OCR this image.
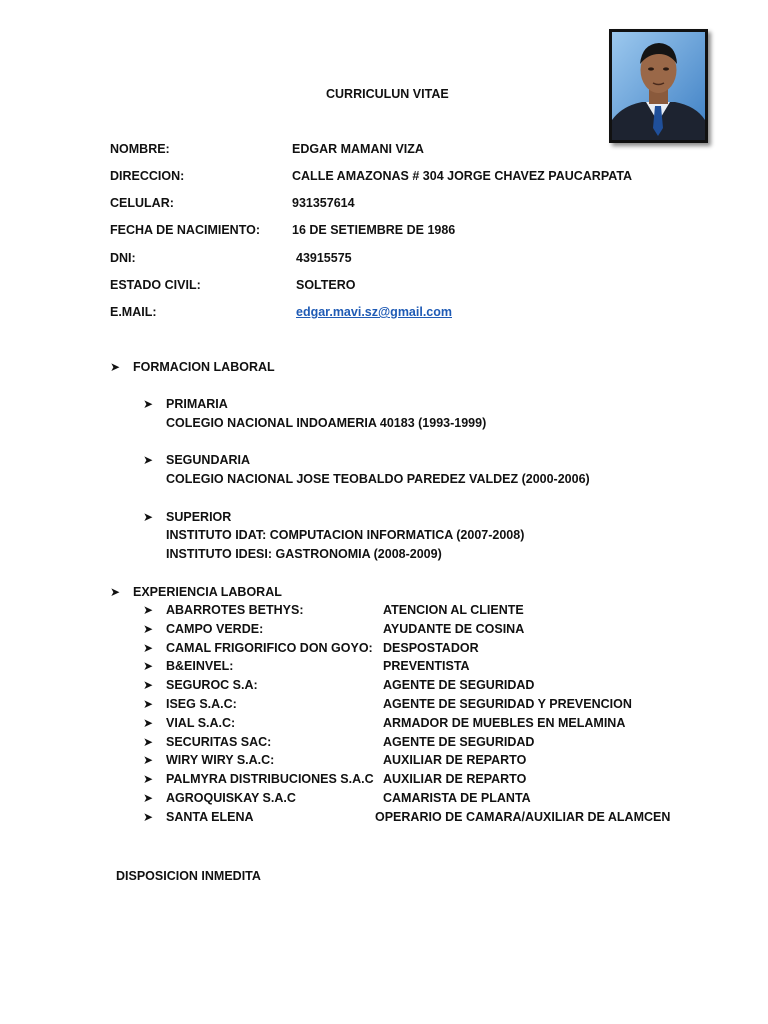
CURRICULUN VITAE
NOMBRE:	EDGAR MAMANI VIZA
DIRECCION:	CALLE AMAZONAS # 304 JORGE CHAVEZ PAUCARPATA
CELULAR:	931357614
FECHA DE NACIMIENTO:	16 DE SETIEMBRE DE 1986
DNI:	43915575
ESTADO CIVIL:	SOLTERO
E.MAIL:	edgar.mavi.sz@gmail.com
➤ FORMACION LABORAL
➤ PRIMARIA
COLEGIO NACIONAL INDOAMERIA 40183 (1993-1999)
➤ SEGUNDARIA
COLEGIO NACIONAL JOSE TEOBALDO PAREDEZ VALDEZ (2000-2006)
➤ SUPERIOR
INSTITUTO IDAT: COMPUTACION INFORMATICA (2007-2008)
INSTITUTO IDESI: GASTRONOMIA (2008-2009)
➤ EXPERIENCIA LABORAL
➤ ABARROTES BETHYS:	ATENCION AL CLIENTE
➤ CAMPO VERDE:	AYUDANTE DE COSINA
➤ CAMAL FRIGORIFICO DON GOYO: DESPOSTADOR
➤ B&EINVEL:	PREVENTISTA
➤ SEGUROC S.A:	AGENTE DE SEGURIDAD
➤ ISEG S.A.C:	AGENTE DE SEGURIDAD Y PREVENCION
➤ VIAL S.A.C:	ARMADOR DE MUEBLES EN MELAMINA
➤ SECURITAS SAC:	AGENTE DE SEGURIDAD
➤ WIRY WIRY S.A.C:	AUXILIAR DE REPARTO
➤ PALMYRA DISTRIBUCIONES S.A.C AUXILIAR DE REPARTO
➤ AGROQUISKAY S.A.C	CAMARISTA DE PLANTA
➤ SANTA ELENA	OPERARIO DE CAMARA/AUXILIAR DE ALAMCEN
DISPOSICION INMEDITA
